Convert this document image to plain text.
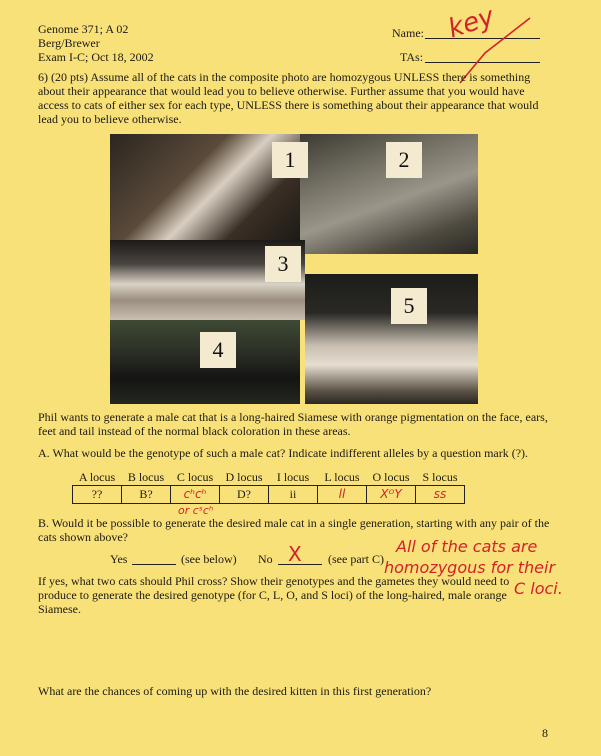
Genome 371; A 02
Berg/Brewer
Exam I-C; Oct 18, 2002
Name: key
TAs:
6) (20 pts) Assume all of the cats in the composite photo are homozygous UNLESS there is something about their appearance that would lead you to believe otherwise. Further assume that you would have access to cats of either sex for each type, UNLESS there is something about their appearance that would lead you to believe otherwise.
1	2
3
4
5
Phil wants to generate a male cat that is a long-haired Siamese with orange pigmentation on the face, ears, feet and tail instead of the normal black coloration in these areas.
A. What would be the genotype of such a male cat? Indicate indifferent alleles by a question mark (?).
A locus	B locus	C locus	D locus	I locus	L locus	O locus	S locus
??	B?	cʰcʰ	D?	ii	ll	XᴼY	ss
or cˢcʰ
B. Would it be possible to generate the desired male cat in a single generation, starting with any pair of the cats shown above?
Yes	(see below) No X (see part C)
All of the cats are
homozygous for their
C loci.
If yes, what two cats should Phil cross? Show their genotypes and the gametes they would need to produce to generate the desired genotype (for C, L, O, and S loci) of the long-haired, male orange Siamese.
What are the chances of coming up with the desired kitten in this first generation?
8
